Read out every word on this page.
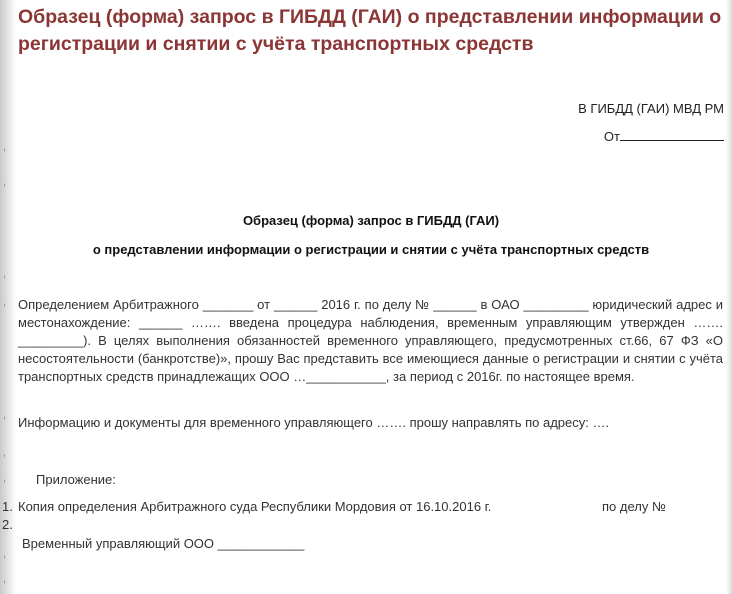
Образец (форма) запрос в ГИБДД (ГАИ) о представлении информации о регистрации и снятии с учёта транспортных средств
В ГИБДД (ГАИ) МВД РМ
От
Образец (форма) запрос в ГИБДД (ГАИ)
о представлении информации о регистрации и снятии с учёта транспортных средств
,
,
,
,
,
,
,
,
,
Определением Арбитражного _______ от ______ 2016 г. по делу № ______ в ОАО _________ юридический адрес и местонахождение: ______ ……. введена процедура наблюдения, временным управляющим утвержден ……. _________). В целях выполнения обязанностей временного управляющего, предусмотренных ст.66, 67 ФЗ «О несостоятельности (банкротстве)», прошу Вас представить все имеющиеся данные о регистрации и снятии с учёта транспортных средств принадлежащих ООО …___________, за период с 2016г. по настоящее время.
Информацию и документы для временного управляющего ……. прошу направлять по адресу: ….
Приложение:
1. Копия определения Арбитражного суда Республики Мордовия от 16.10.2016 г.	по делу №
2.
Временный управляющий ООО ____________
